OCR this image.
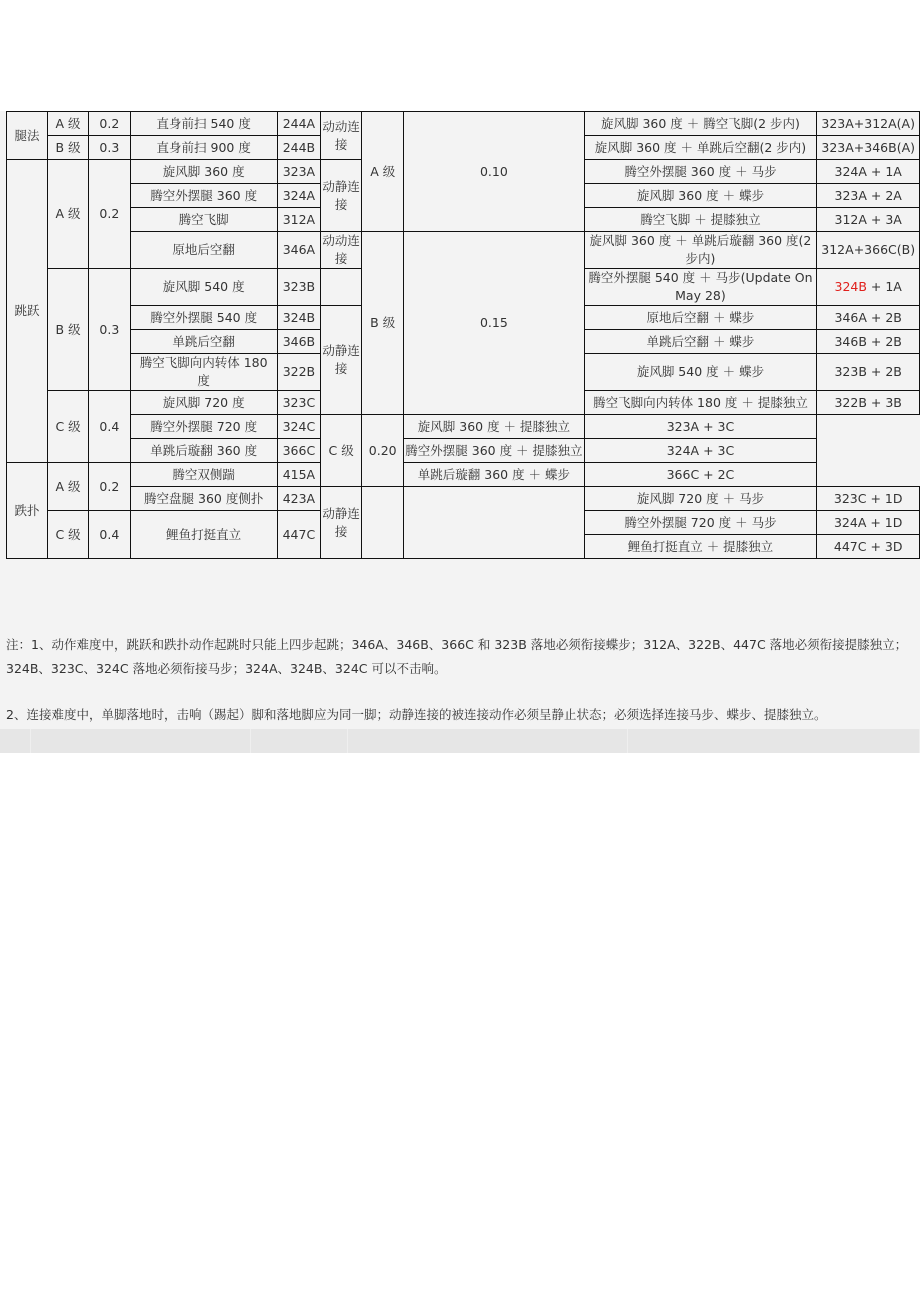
腿法	A 级	0.2	直身前扫 540 度	244A	动动连接	A 级	0.10	旋风脚 360 度 ＋ 腾空飞脚(2 步内)	323A+312A(A)
	B 级	0.3	直身前扫 900 度	244B				旋风脚 360 度 ＋ 单跳后空翻(2 步内)	323A+346B(A)
跳跃	A 级	0.2	旋风脚 360 度	323A	动静连接			腾空外摆腿 360 度 ＋ 马步	324A + 1A
			腾空外摆腿 360 度	324A				旋风脚 360 度 ＋ 蝶步	323A + 2A
			腾空飞脚	312A				腾空飞脚 ＋ 提膝独立	312A + 3A
			原地后空翻	346A	动动连接	B 级	0.15	旋风脚 360 度 ＋ 单跳后璇翻 360 度(2 步内)	312A+366C(B)

	B 级	0.3	旋风脚 540 度	323B				腾空外摆腿 540 度 ＋ 马步(Update On May 28)	324B + 1A

			腾空外摆腿 540 度	324B	动静连接			原地后空翻 ＋ 蝶步	346A + 2B
			单跳后空翻	346B				单跳后空翻 ＋ 蝶步	346B + 2B
			腾空飞脚向内转体 180 度	322B				旋风脚 540 度 ＋ 蝶步	323B + 2B

	C 级	0.4	旋风脚 720 度	323C				腾空飞脚向内转体 180 度 ＋ 提膝独立	322B + 3B
			腾空外摆腿 720 度	324C	C 级	0.20	旋风脚 360 度 ＋ 提膝独立	323A + 3C	
			单跳后璇翻 360 度	366C			腾空外摆腿 360 度 ＋ 提膝独立	324A + 3C	
跌扑	A 级	0.2	腾空双侧踹	415A			单跳后璇翻 360 度 ＋ 蝶步	366C + 2C	
			腾空盘腿 360 度侧扑	423A	动静连接			旋风脚 720 度 ＋ 马步	323C + 1D
	C 级	0.4	鲤鱼打挺直立	447C				腾空外摆腿 720 度 ＋ 马步	324A + 1D
								鲤鱼打挺直立 ＋ 提膝独立	447C + 3D

注：1、动作难度中，跳跃和跌扑动作起跳时只能上四步起跳；346A、346B、366C 和 323B 落地必须衔接蝶步；312A、322B、447C 落地必须衔接提膝独立；324B、323C、324C 落地必须衔接马步；324A、324B、324C 可以不击响。

2、连接难度中，单脚落地时，击响（踢起）脚和落地脚应为同一脚；动静连接的被连接动作必须呈静止状态；必须选择连接马步、蝶步、提膝独立。
